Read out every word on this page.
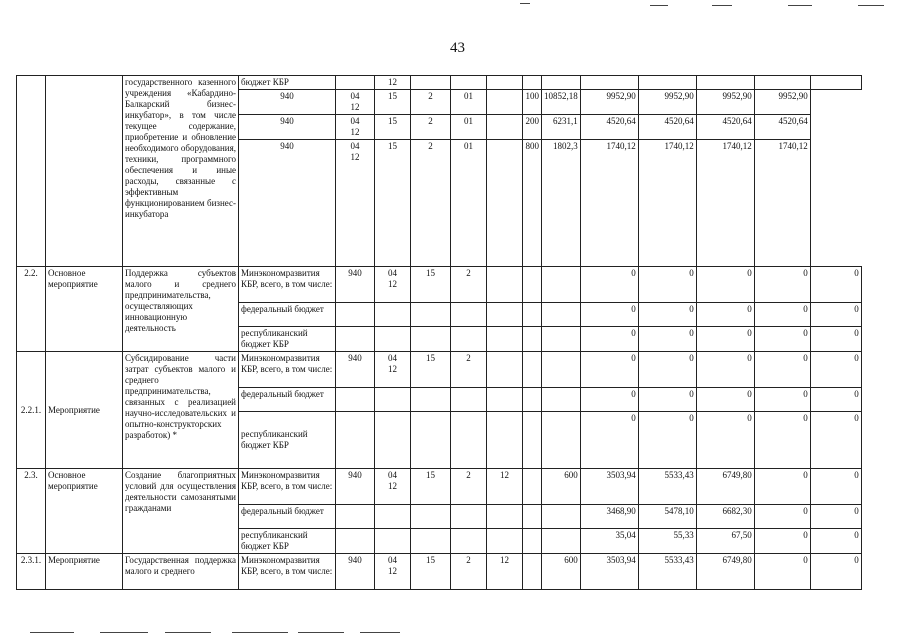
43
		государственного казенного учреждения «Кабардино-Балкарский бизнес-инкубатор», в том числе текущее содержание, приобретение и обновление необходимого оборудования, техники, программного обеспечения и иные расходы, связанные с эффективным функционированием бизнес-инкубатора	бюджет КБР		12										
			940	04
12	15	2	01		100	10852,18	9952,90	9952,90	9952,90	9952,90	
			940	04
12	15	2	01		200	6231,1	4520,64	4520,64	4520,64	4520,64	
			940	04
12	15	2	01		800	1802,3	1740,12	1740,12	1740,12	1740,12	
2.2.	Основное мероприятие	Поддержка субъектов малого и среднего предпринимательства, осуществляющих инновационную деятельность	Минэкономразвития КБР, всего, в том числе:	940	04
12	15	2				0	0	0	0	0
			федеральный бюджет								0	0	0	0	0
			республиканский бюджет КБР								0	0	0	0	0
2.2.1.	Мероприятие	Субсидирование части затрат субъектов малого и среднего предпринимательства, связанных с реализацией научно-исследовательских и опытно-конструкторских разработок) *	Минэкономразвития КБР, всего, в том числе:	940	04
12	15	2				0	0	0	0	0
			федеральный бюджет								0	0	0	0	0
			республиканский бюджет КБР								0	0	0	0	0
2.3.	Основное мероприятие	Создание благоприятных условий для осуществления деятельности самозанятыми гражданами	Минэкономразвития КБР, всего, в том числе:	940	04
12	15	2	12		600	3503,94	5533,43	6749,80	0	0
			федеральный бюджет								3468,90	5478,10	6682,30	0	0
			республиканский бюджет КБР								35,04	55,33	67,50	0	0
2.3.1.	Мероприятие	Государственная поддержка малого и среднего	Минэкономразвития КБР, всего, в том числе:	940	04
12	15	2	12		600	3503,94	5533,43	6749,80	0	0
